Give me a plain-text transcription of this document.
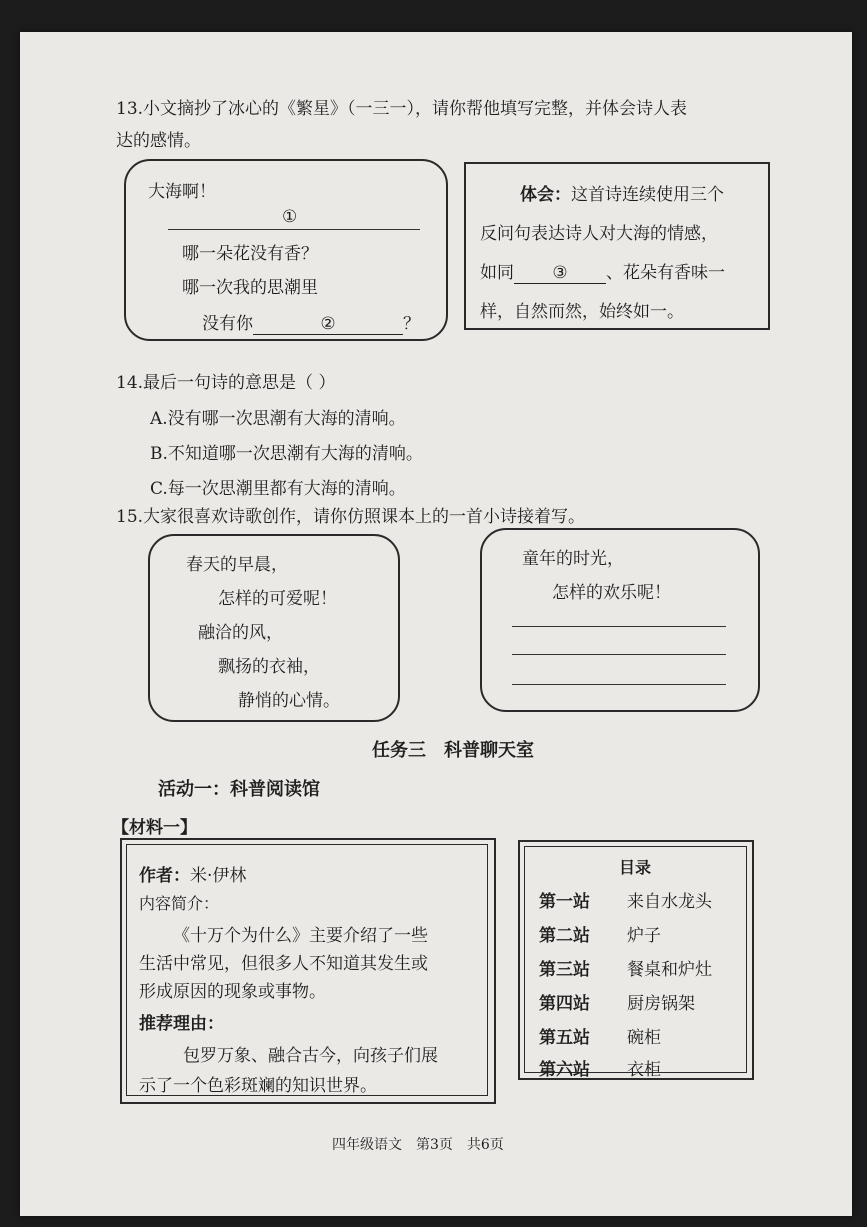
13.小文摘抄了冰心的《繁星》（一三一），请你帮他填写完整，并体会诗人表
达的感情。
大海啊！
①
哪一朵花没有香？
哪一次我的思潮里
没有你	②	？
体会：这首诗连续使用三个
反问句表达诗人对大海的情感，
如同 ③ 、花朵有香味一
样，自然而然，始终如一。
14.最后一句诗的意思是（ ）
A.没有哪一次思潮有大海的清响。
B.不知道哪一次思潮有大海的清响。
C.每一次思潮里都有大海的清响。
15.大家很喜欢诗歌创作，请你仿照课本上的一首小诗接着写。
春天的早晨，
怎样的可爱呢！
融洽的风，
飘扬的衣袖，
静悄的心情。
童年的时光，
怎样的欢乐呢！
任务三　科普聊天室
活动一：科普阅读馆
【材料一】
作者：米·伊林
内容简介：
《十万个为什么》主要介绍了一些
生活中常见，但很多人不知道其发生或
形成原因的现象或事物。
推荐理由：
包罗万象、融合古今，向孩子们展
示了一个色彩斑斓的知识世界。
目录
第一站 来自水龙头
第二站 炉子
第三站 餐桌和炉灶
第四站 厨房锅架
第五站 碗柜
第六站 衣柜
四年级语文　第3页　共6页
